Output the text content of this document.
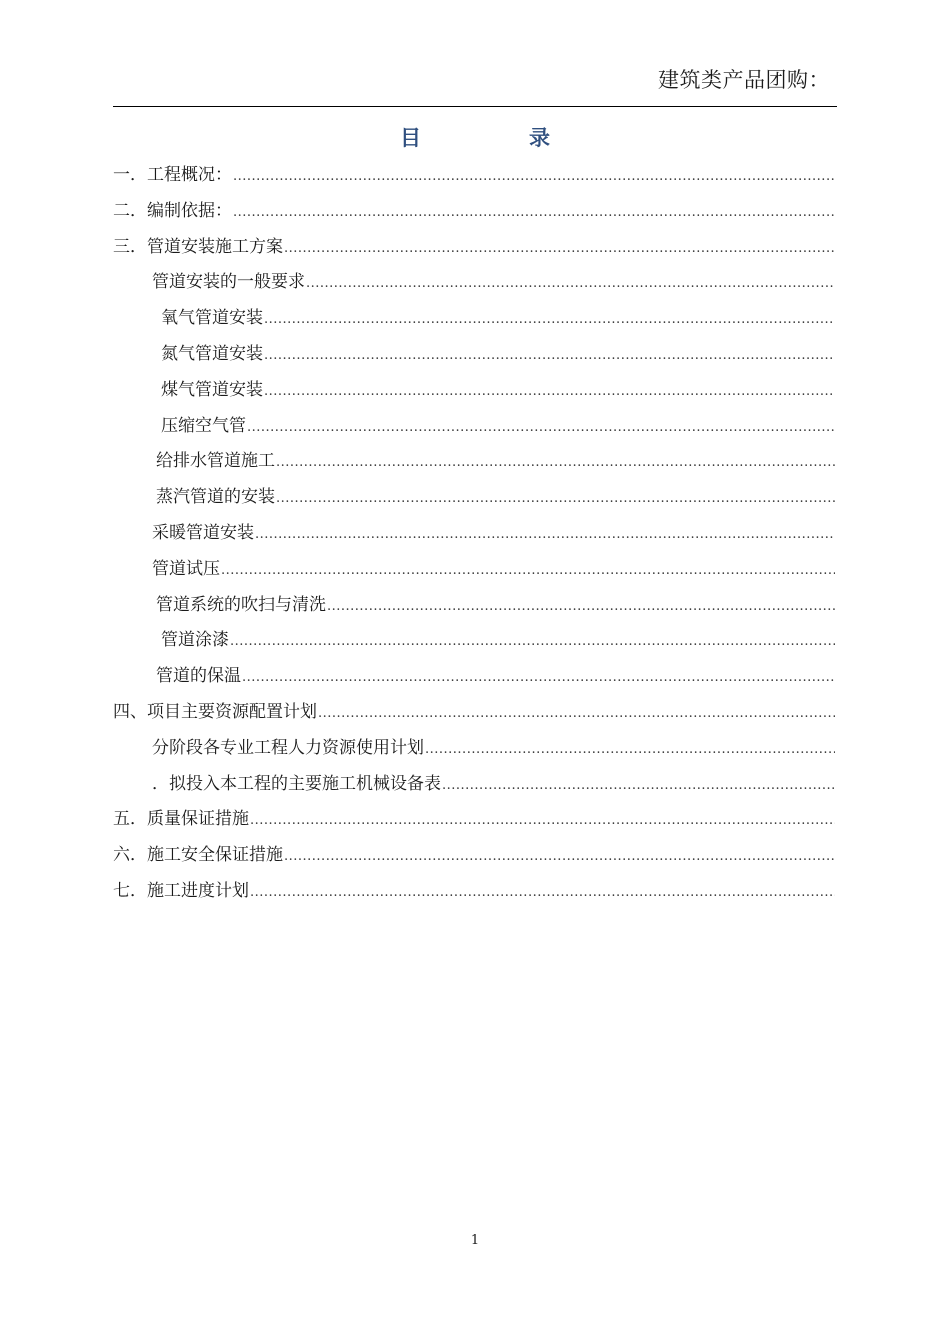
建筑类产品团购：
目	录
一．工程概况：
.....
二．编制依据：
.....
三．管道安装施工方案
.....
管道安装的一般要求
.....
氧气管道安装
.....
氮气管道安装
.....
煤气管道安装
.....
压缩空气管
.....
给排水管道施工
.....
蒸汽管道的安装
.....
采暖管道安装
.....
管道试压
.....
管道系统的吹扫与清洗
.....
管道涂漆
.....
管道的保温
.....
四、项目主要资源配置计划
.....
分阶段各专业工程人力资源使用计划
.....
．拟投入本工程的主要施工机械设备表
.....
五．质量保证措施
.....
六．施工安全保证措施
.....
七．施工进度计划
.....
1
